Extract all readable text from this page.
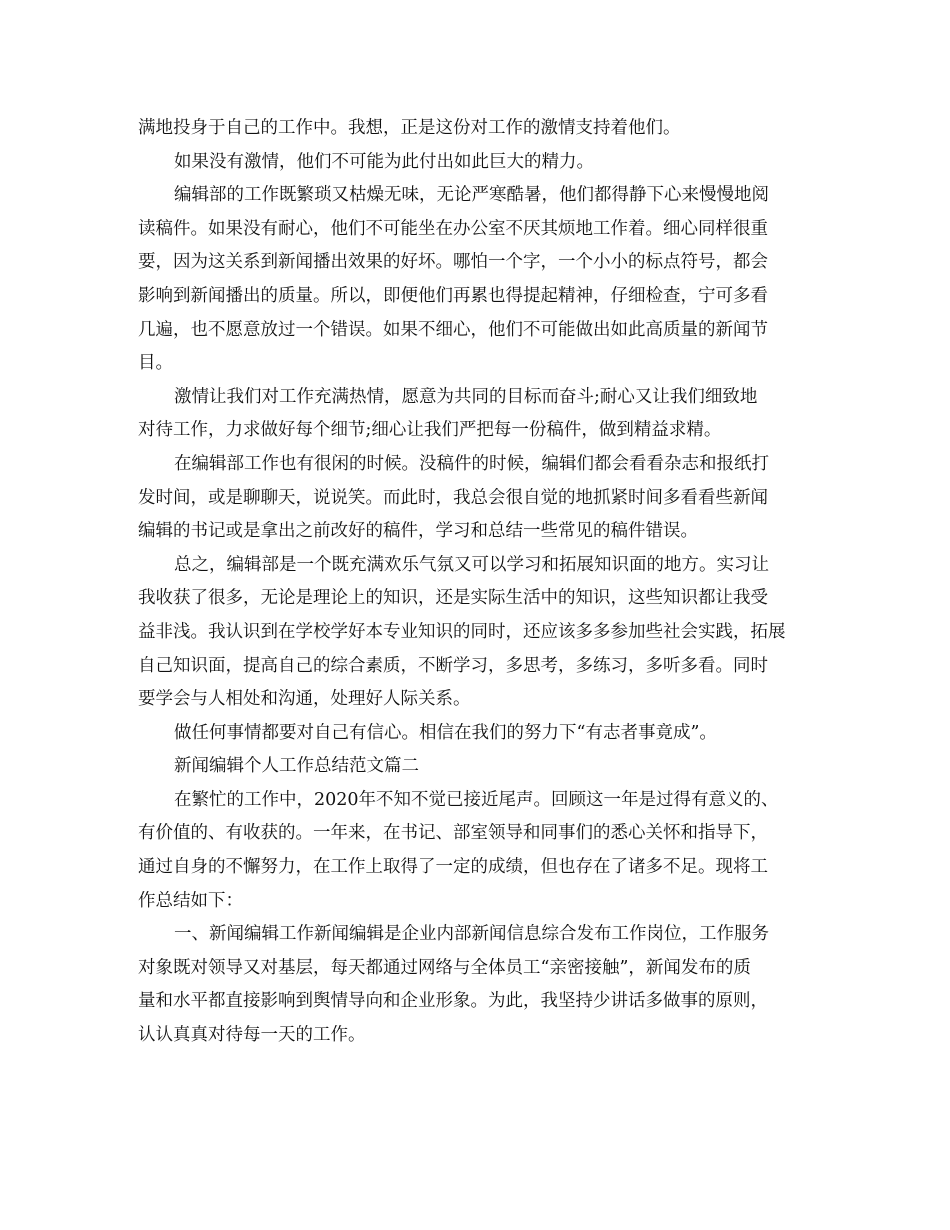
满地投身于自己的工作中。我想，正是这份对工作的激情支持着他们。
如果没有激情，他们不可能为此付出如此巨大的精力。
编辑部的工作既繁琐又枯燥无味，无论严寒酷暑，他们都得静下心来慢慢地阅
读稿件。如果没有耐心，他们不可能坐在办公室不厌其烦地工作着。细心同样很重
要，因为这关系到新闻播出效果的好坏。哪怕一个字，一个小小的标点符号，都会
影响到新闻播出的质量。所以，即便他们再累也得提起精神，仔细检查，宁可多看
几遍，也不愿意放过一个错误。如果不细心，他们不可能做出如此高质量的新闻节
目。
激情让我们对工作充满热情，愿意为共同的目标而奋斗;耐心又让我们细致地
对待工作，力求做好每个细节;细心让我们严把每一份稿件，做到精益求精。
在编辑部工作也有很闲的时候。没稿件的时候，编辑们都会看看杂志和报纸打
发时间，或是聊聊天，说说笑。而此时，我总会很自觉的地抓紧时间多看看些新闻
编辑的书记或是拿出之前改好的稿件，学习和总结一些常见的稿件错误。
总之，编辑部是一个既充满欢乐气氛又可以学习和拓展知识面的地方。实习让
我收获了很多，无论是理论上的知识，还是实际生活中的知识，这些知识都让我受
益非浅。我认识到在学校学好本专业知识的同时，还应该多多参加些社会实践，拓展
自己知识面，提高自己的综合素质，不断学习，多思考，多练习，多听多看。同时
要学会与人相处和沟通，处理好人际关系。
做任何事情都要对自己有信心。相信在我们的努力下“有志者事竟成”。
新闻编辑个人工作总结范文篇二
在繁忙的工作中，2020年不知不觉已接近尾声。回顾这一年是过得有意义的、
有价值的、有收获的。一年来，在书记、部室领导和同事们的悉心关怀和指导下，
通过自身的不懈努力，在工作上取得了一定的成绩，但也存在了诸多不足。现将工
作总结如下：
一、新闻编辑工作新闻编辑是企业内部新闻信息综合发布工作岗位，工作服务
对象既对领导又对基层，每天都通过网络与全体员工“亲密接触”，新闻发布的质
量和水平都直接影响到舆情导向和企业形象。为此，我坚持少讲话多做事的原则，
认认真真对待每一天的工作。
